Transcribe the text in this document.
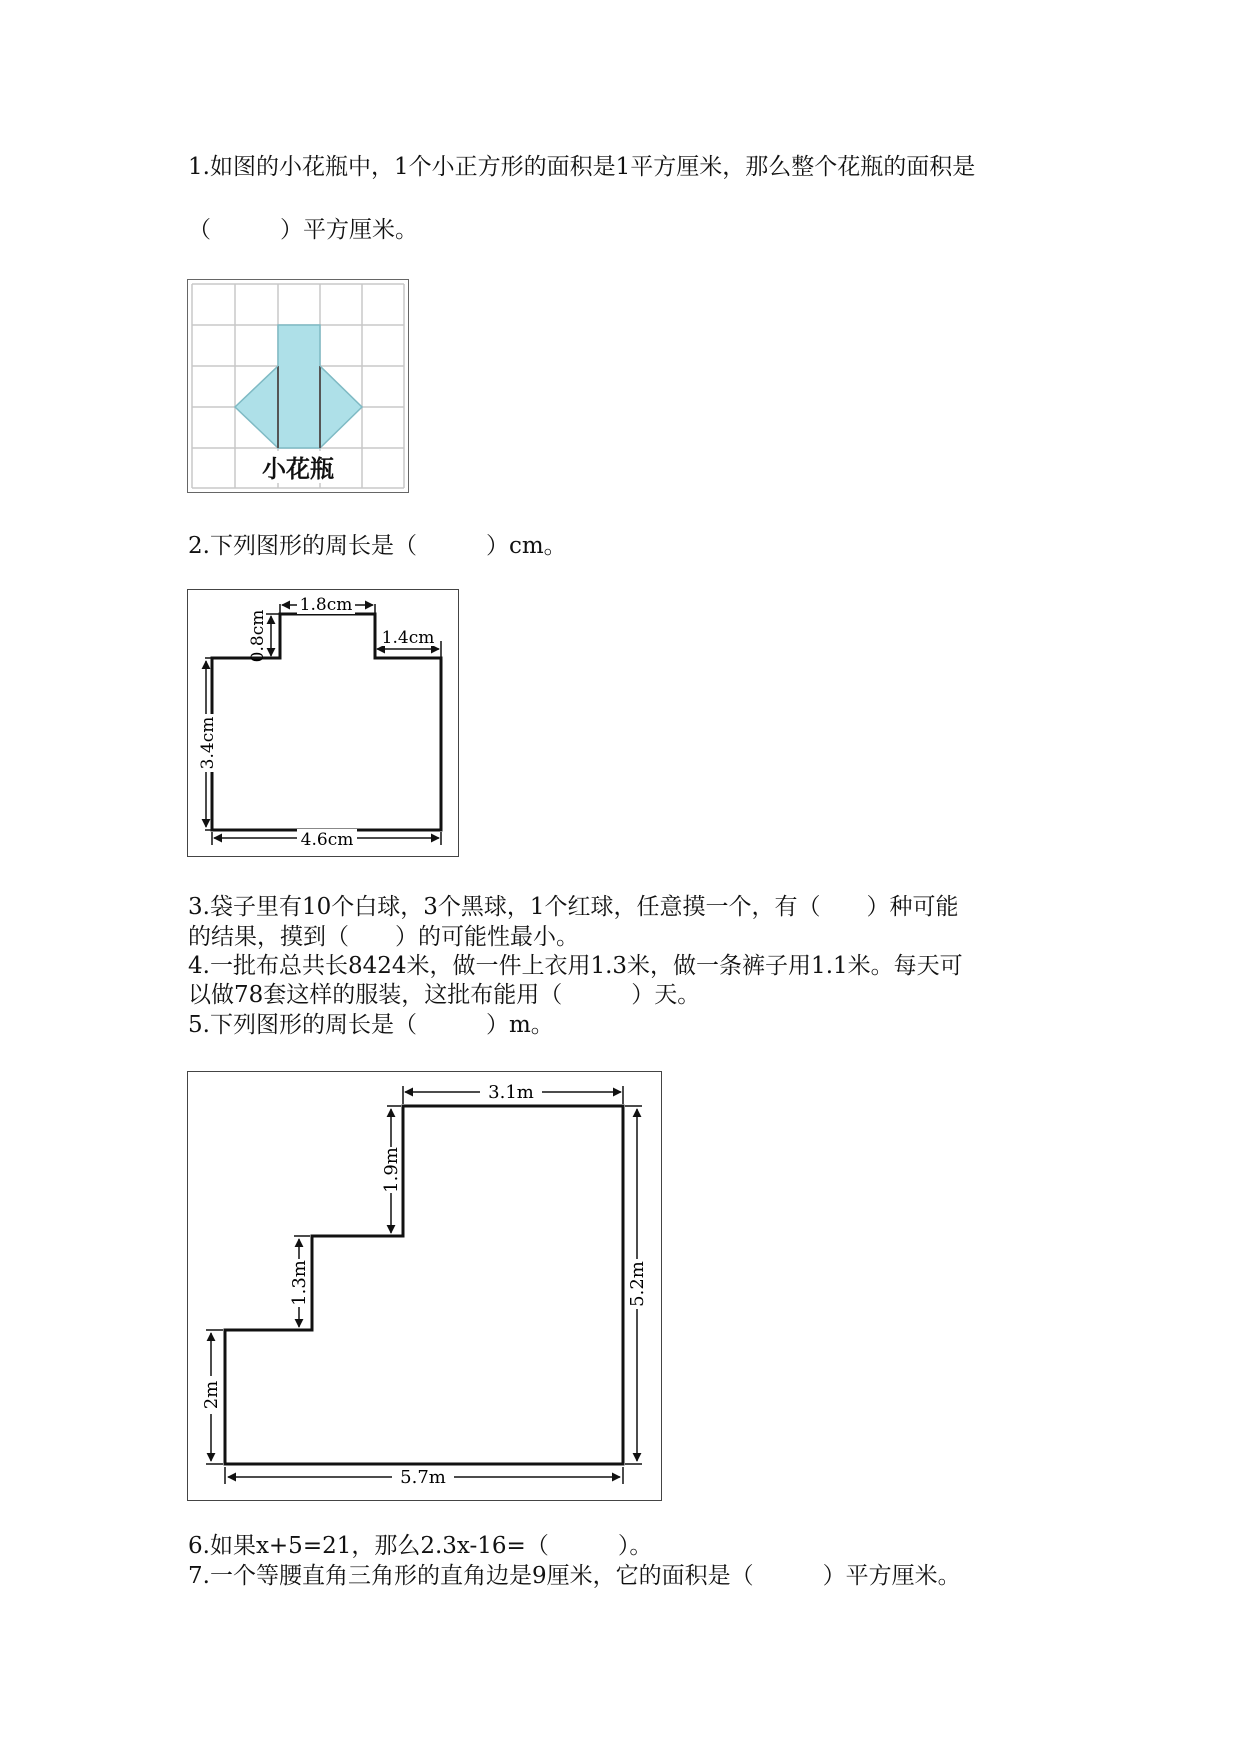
1.如图的小花瓶中，1个小正方形的面积是1平方厘米，那么整个花瓶的面积是

（　　　）平方厘米。

小花瓶

2.下列图形的周长是（　　　）cm。

1.8cm
0.8cm	1.4cm
3.4cm
4.6cm

3.袋子里有10个白球，3个黑球，1个红球，任意摸一个，有（　　）种可能

的结果，摸到（　　）的可能性最小。

4.一批布总共长8424米，做一件上衣用1.3米，做一条裤子用1.1米。每天可

以做78套这样的服装，这批布能用（　　　）天。

5.下列图形的周长是（　　　）m。

3.1m
1.9m
1.3m
2m
5.2m
5.7m

6.如果x+5=21，那么2.3x-16=（　　　）。

7.一个等腰直角三角形的直角边是9厘米，它的面积是（　　　）平方厘米。
